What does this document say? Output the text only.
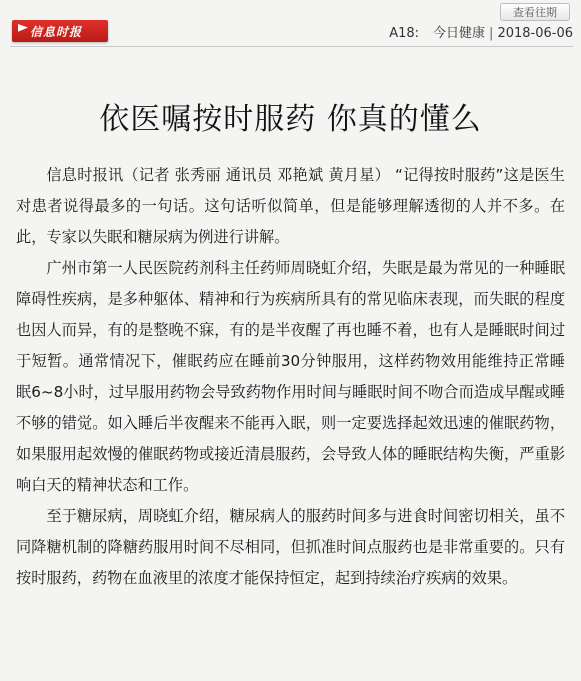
信息时报
查看往期
A18: 今日健康 | 2018-06-06
依医嘱按时服药 你真的懂么

信息时报讯（记者 张秀丽 通讯员 邓艳斌 黄月星） “记得按时服药”这是医生对患者说得最多的一句话。这句话听似简单，但是能够理解透彻的人并不多。在此，专家以失眠和糖尿病为例进行讲解。

广州市第一人民医院药剂科主任药师周晓虹介绍，失眠是最为常见的一种睡眠障碍性疾病，是多种躯体、精神和行为疾病所具有的常见临床表现，而失眠的程度也因人而异，有的是整晚不寐，有的是半夜醒了再也睡不着，也有人是睡眠时间过于短暂。通常情况下，催眠药应在睡前30分钟服用，这样药物效用能维持正常睡眠6~8小时，过早服用药物会导致药物作用时间与睡眠时间不吻合而造成早醒或睡不够的错觉。如入睡后半夜醒来不能再入眠，则一定要选择起效迅速的催眠药物，如果服用起效慢的催眠药物或接近清晨服药，会导致人体的睡眠结构失衡，严重影响白天的精神状态和工作。

至于糖尿病，周晓虹介绍，糖尿病人的服药时间多与进食时间密切相关，虽不同降糖机制的降糖药服用时间不尽相同，但抓准时间点服药也是非常重要的。只有按时服药，药物在血液里的浓度才能保持恒定，起到持续治疗疾病的效果。
